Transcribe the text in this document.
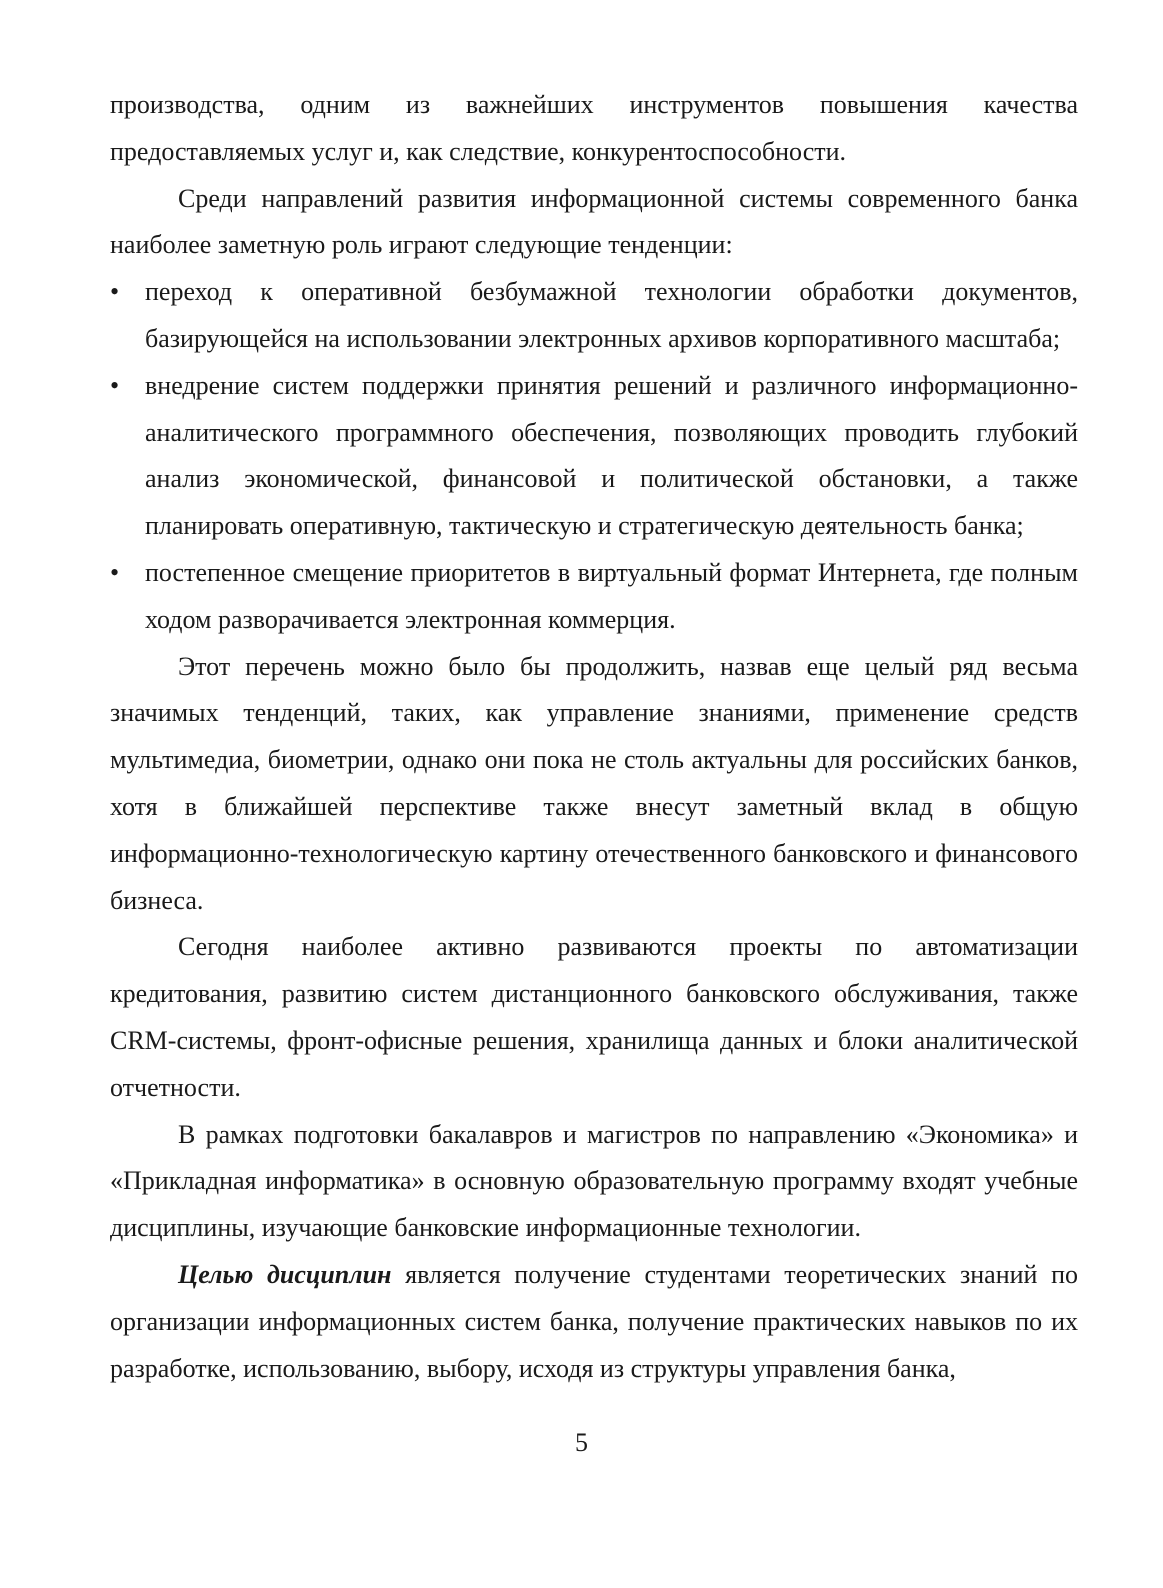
производства, одним из важнейших инструментов повышения качества предоставляемых услуг и, как следствие, конкурентоспособности.

Среди направлений развития информационной системы современного банка наиболее заметную роль играют следующие тенденции:

• переход к оперативной безбумажной технологии обработки документов, базирующейся на использовании электронных архивов корпоративного масштаба;
• внедрение систем поддержки принятия решений и различного информационно-аналитического программного обеспечения, позволяющих проводить глубокий анализ экономической, финансовой и политической обстановки, а также планировать оперативную, тактическую и стратегическую деятельность банка;
• постепенное смещение приоритетов в виртуальный формат Интернета, где полным ходом разворачивается электронная коммерция.

Этот перечень можно было бы продолжить, назвав еще целый ряд весьма значимых тенденций, таких, как управление знаниями, применение средств мультимедиа, биометрии, однако они пока не столь актуальны для российских банков, хотя в ближайшей перспективе также внесут заметный вклад в общую информационно-технологическую картину отечественного банковского и финансового бизнеса.

Сегодня наиболее активно развиваются проекты по автоматизации кредитования, развитию систем дистанционного банковского обслуживания, также CRM-системы, фронт-офисные решения, хранилища данных и блоки аналитической отчетности.

В рамках подготовки бакалавров и магистров по направлению «Экономика» и «Прикладная информатика» в основную образовательную программу входят учебные дисциплины, изучающие банковские информационные технологии.

Целью дисциплин является получение студентами теоретических знаний по организации информационных систем банка, получение практических навыков по их разработке, использованию, выбору, исходя из структуры управления банка,

5
